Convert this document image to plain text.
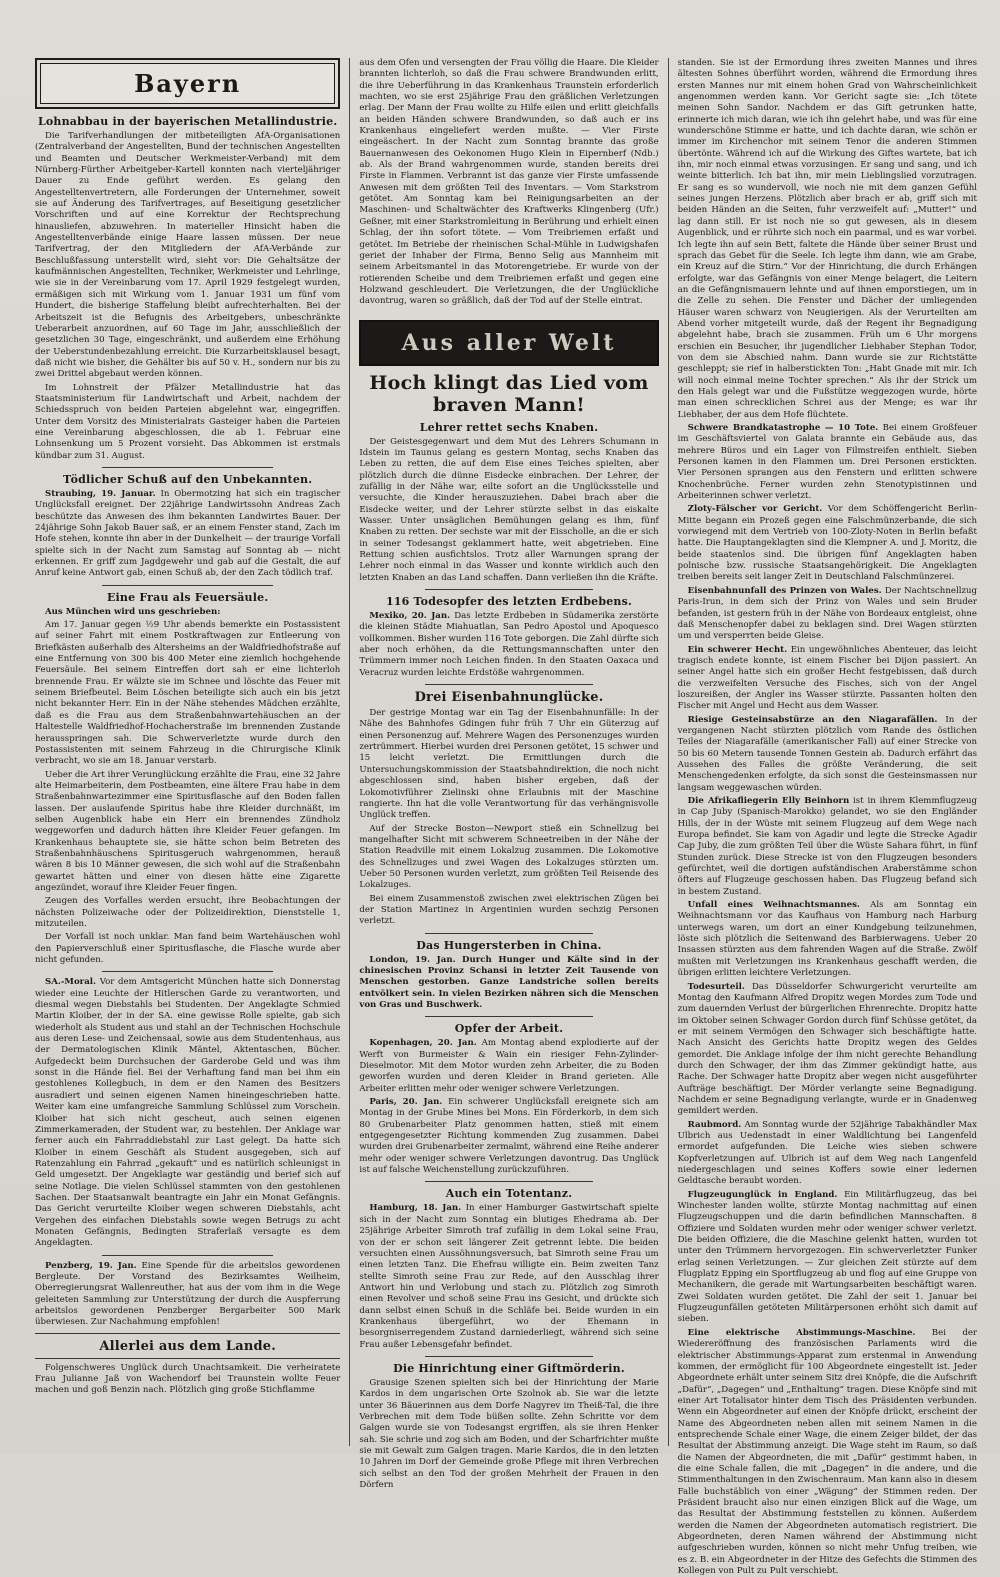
Bayern
Lohnabbau in der bayerischen Metallindustrie.

Die Tarifverhandlungen der mitbeteiligten AfA-Organisationen (Zentralverband der Angestellten, Bund der technischen Angestellten und Beamten und Deutscher Werkmeister-Verband) mit dem Nürnberg-Fürther Arbeitgeber-Kartell konnten nach vierteljähriger Dauer zu Ende geführt werden. Es gelang den Angestelltenvertretern, alle Forderungen der Unternehmer, soweit sie auf Änderung des Tarifvertrages, auf Beseitigung gesetzlicher Vorschriften und auf eine Korrektur der Rechtsprechung hinausliefen, abzuwehren. In materieller Hinsicht haben die Angestelltenverbände einige Haare lassen müssen. Der neue Tarifvertrag, der den Mitgliedern der AfA-Verbände zur Beschlußfassung unterstellt wird, sieht vor: Die Gehaltsätze der kaufmännischen Angestellten, Techniker, Werkmeister und Lehrlinge, wie sie in der Vereinbarung vom 17. April 1929 festgelegt wurden, ermäßigen sich mit Wirkung vom 1. Januar 1931 um fünf vom Hundert, die bisherige Staffelung bleibt aufrechterhalten. Bei der Arbeitszeit ist die Befugnis des Arbeitgebers, unbeschränkte Ueberarbeit anzuordnen, auf 60 Tage im Jahr, ausschließlich der gesetzlichen 30 Tage, eingeschränkt, und außerdem eine Erhöhung der Ueberstundenbezahlung erreicht. Die Kurzarbeitsklausel besagt, daß nicht wie bisher, die Gehälter bis auf 50 v. H., sondern nur bis zu zwei Drittel abgebaut werden können.

Im Lohnstreit der Pfälzer Metallindustrie hat das Staatsministerium für Landwirtschaft und Arbeit, nachdem der Schiedsspruch von beiden Parteien abgelehnt war, eingegriffen. Unter dem Vorsitz des Ministerialrats Gasteiger haben die Parteien eine Vereinbarung abgeschlossen, die ab 1. Februar eine Lohnsenkung um 5 Prozent vorsieht. Das Abkommen ist erstmals kündbar zum 31. August.

Tödlicher Schuß auf den Unbekannten.

Straubing, 19. Januar. In Obermotzing hat sich ein tragischer Unglücksfall ereignet. Der 22jährige Landwirtssohn Andreas Zach beschützte das Anwesen des ihm bekannten Landwirtes Bauer. Der 24jährige Sohn Jakob Bauer saß, er an einem Fenster stand, Zach im Hofe stehen, konnte ihn aber in der Dunkelheit — der traurige Vorfall spielte sich in der Nacht zum Samstag auf Sonntag ab — nicht erkennen. Er griff zum Jagdgewehr und gab auf die Gestalt, die auf Anruf keine Antwort gab, einen Schuß ab, der den Zach tödlich traf.

Eine Frau als Feuersäule.

Aus München wird uns geschrieben:

Am 17. Januar gegen ½9 Uhr abends bemerkte ein Postassistent auf seiner Fahrt mit einem Postkraftwagen zur Entleerung von Briefkästen außerhalb des Altersheims an der Waldfriedhofstraße auf eine Entfernung von 300 bis 400 Meter eine ziemlich hochgehende Feuersäule. Bei seinem Eintreffen dort sah er eine lichterloh brennende Frau. Er wälzte sie im Schnee und löschte das Feuer mit seinem Briefbeutel. Beim Löschen beteiligte sich auch ein bis jetzt nicht bekannter Herr. Ein in der Nähe stehendes Mädchen erzählte, daß es die Frau aus dem Straßenbahnwartehäuschen an der Haltestelle Waldfriedhof-Hochacherstraße im brennenden Zustande herausspringen sah. Die Schwerverletzte wurde durch den Postassistenten mit seinem Fahrzeug in die Chirurgische Klinik verbracht, wo sie am 18. Januar verstarb.

Ueber die Art ihrer Verunglückung erzählte die Frau, eine 32 Jahre alte Heimarbeiterin, dem Postbeamten, eine ältere Frau habe in dem Straßenbahnwartezimmer eine Spiritusflasche auf den Boden fallen lassen. Der auslaufende Spiritus habe ihre Kleider durchnäßt, im selben Augenblick habe ein Herr ein brennendes Zündholz weggeworfen und dadurch hätten ihre Kleider Feuer gefangen. Im Krankenhaus behauptete sie, sie hätte schon beim Betreten des Straßenbahnhäuschens Spiritusgeruch wahrgenommen, herauß wären 8 bis 10 Männer gewesen, die sich wohl auf die Straßenbahn gewartet hätten und einer von diesen hätte eine Zigarette angezündet, worauf ihre Kleider Feuer fingen.

Zeugen des Vorfalles werden ersucht, ihre Beobachtungen der nächsten Polizeiwache oder der Polizeidirektion, Dienststelle 1, mitzuteilen.

Der Vorfall ist noch unklar. Man fand beim Wartehäuschen wohl den Papierverschluß einer Spiritusflasche, die Flasche wurde aber nicht gefunden.

SA.-Moral. Vor dem Amtsgericht München hatte sich Donnerstag wieder eine Leuchte der Hitlerschen Garde zu verantworten, und diesmal wegen Diebstahls bei Studenten. Der Angeklagte Schmied Martin Kloiber, der in der SA. eine gewisse Rolle spielte, gab sich wiederholt als Student aus und stahl an der Technischen Hochschule aus deren Lese- und Zeichensaal, sowie aus dem Studentenhaus, aus der Dermatologischen Klinik Mäntel, Aktentaschen, Bücher. Aufgedeckt beim Durchsuchen der Garderobe Geld und was ihm sonst in die Hände fiel. Bei der Verhaftung fand man bei ihm ein gestohlenes Kollegbuch, in dem er den Namen des Besitzers ausradiert und seinen eigenen Namen hineingeschrieben hatte. Weiter kam eine umfangreiche Sammlung Schlüssel zum Vorschein. Kloiber hat sich nicht gescheut, auch seinen eigenen Zimmerkameraden, der Student war, zu bestehlen. Der Anklage war ferner auch ein Fahrraddiebstahl zur Last gelegt. Da hatte sich Kloiber in einem Geschäft als Student ausgegeben, sich auf Ratenzahlung ein Fahrrad „gekauft“ und es natürlich schleunigst in Geld umgesetzt. Der Angeklagte war geständig und berief sich auf seine Notlage. Die vielen Schlüssel stammten von den gestohlenen Sachen. Der Staatsanwalt beantragte ein Jahr ein Monat Gefängnis. Das Gericht verurteilte Kloiber wegen schweren Diebstahls, acht Vergehen des einfachen Diebstahls sowie wegen Betrugs zu acht Monaten Gefängnis, Bedingten Straferlaß versagte es dem Angeklagten.

Penzberg, 19. Jan. Eine Spende für die arbeitslos gewordenen Bergleute. Der Vorstand des Bezirksamtes Weilheim, Oberregierungsrat Wallenreuther, hat aus der vom ihm in die Wege geleiteten Sammlung zur Unterstützung der durch die Auspferrung arbeitslos gewordenen Penzberger Bergarbeiter 500 Mark überwiesen. Zur Nachahmung empfohlen!

Allerlei aus dem Lande.

Folgenschweres Unglück durch Unachtsamkeit. Die verheiratete Frau Julianne Jaß von Wachendorf bei Traunstein wollte Feuer machen und goß Benzin nach. Plötzlich ging große Stichflamme

aus dem Ofen und versengten der Frau völlig die Haare. Die Kleider brannten lichterloh, so daß die Frau schwere Brandwunden erlitt, die ihre Ueberführung in das Krankenhaus Traunstein erforderlich machten, wo sie erst 25jährige Frau den gräßlichen Verletzungen erlag. Der Mann der Frau wollte zu Hilfe eilen und erlitt gleichfalls an beiden Händen schwere Brandwunden, so daß auch er ins Krankenhaus eingeliefert werden mußte. — Vier Firste eingeäschert. In der Nacht zum Sonntag brannte das große Bauernanwesen des Oekonomen Hugo Klein in Eipernberf (Ndb.) ab. Als der Brand wahrgenommen wurde, standen bereits drei Firste in Flammen. Verbrannt ist das ganze vier Firste umfassende Anwesen mit dem größten Teil des Inventars. — Vom Starkstrom getötet. Am Sonntag kam bei Reinigungsarbeiten an der Maschinen- und Schaltwächter des Kraftwerks Klingenberg (Ufr.) Geßner, mit einer Starkstromleitung in Berührung und erhielt einen Schlag, der ihn sofort tötete. — Vom Treibriemen erfaßt und getötet. Im Betriebe der rheinischen Schal-Mühle in Ludwigshafen geriet der Inhaber der Firma, Benno Selig aus Mannheim mit seinem Arbeitsmantel in das Motorengetriebe. Er wurde von der rotierenden Scheibe und dem Treibriemen erfaßt und gegen eine Holzwand geschleudert. Die Verletzungen, die der Unglückliche davontrug, waren so gräßlich, daß der Tod auf der Stelle eintrat.

Aus aller Welt
Hoch klingt das Lied vom braven Mann!
Lehrer rettet sechs Knaben.

Der Geistesgegenwart und dem Mut des Lehrers Schumann in Idstein im Taunus gelang es gestern Montag, sechs Knaben das Leben zu retten, die auf dem Eise eines Teiches spielten, aber plötzlich durch die dünne Eisdecke einbrachen. Der Lehrer, der zufällig in der Nähe war, eilte sofort an die Unglücksstelle und versuchte, die Kinder herauszuziehen. Dabei brach aber die Eisdecke weiter, und der Lehrer stürzte selbst in das eiskalte Wasser. Unter unsäglichen Bemühungen gelang es ihm, fünf Knaben zu retten. Der sechste war mit der Eisscholle, an die er sich in seiner Todesangst geklammert hatte, weit abgetrieben. Eine Rettung schien ausfichtslos. Trotz aller Warnungen sprang der Lehrer noch einmal in das Wasser und konnte wirklich auch den letzten Knaben an das Land schaffen. Dann verließen ihn die Kräfte.

116 Todesopfer des letzten Erdbebens.

Mexiko, 20. Jan. Das letzte Erdbeben in Südamerika zerstörte die kleinen Städte Miahuatlan, San Pedro Apostol und Apoquesco vollkommen. Bisher wurden 116 Tote geborgen. Die Zahl dürfte sich aber noch erhöhen, da die Rettungsmannschaften unter den Trümmern immer noch Leichen finden. In den Staaten Oaxaca und Veracruz wurden leichte Erdstöße wahrgenommen.

Drei Eisenbahnunglücke.

Der gestrige Montag war ein Tag der Eisenbahnunfälle: In der Nähe des Bahnhofes Gdingen fuhr früh 7 Uhr ein Güterzug auf einen Personenzug auf. Mehrere Wagen des Personenzuges wurden zertrümmert. Hierbei wurden drei Personen getötet, 15 schwer und 15 leicht verletzt. Die Ermittlungen durch die Untersuchungskommission der Staatsbahndirektion, die noch nicht abgeschlossen sind, haben bisher ergeben, daß der Lokomotivführer Zielinski ohne Erlaubnis mit der Maschine rangierte. Ihn hat die volle Verantwortung für das verhängnisvolle Unglück treffen.

Auf der Strecke Boston—Newport stieß ein Schnellzug bei mangelhafter Sicht mit schwerem Schneetreiben in der Nähe der Station Readville mit einem Lokalzug zusammen. Die Lokomotive des Schnellzuges und zwei Wagen des Lokalzuges stürzten um. Ueber 50 Personen wurden verletzt, zum größten Teil Reisende des Lokalzuges.

Bei einem Zusammenstoß zwischen zwei elektrischen Zügen bei der Station Martinez in Argentinien wurden sechzig Personen verletzt.

Das Hungersterben in China.

London, 19. Jan. Durch Hunger und Kälte sind in der chinesischen Provinz Schansi in letzter Zeit Tausende von Menschen gestorben. Ganze Landstriche sollen bereits entvölkert sein. In vielen Bezirken nähren sich die Menschen von Gras und Buschwerk.

Opfer der Arbeit.

Kopenhagen, 20. Jan. Am Montag abend explodierte auf der Werft von Burmeister & Wain ein riesiger Fehn-Zylinder-Dieselmotor. Mit dem Motor wurden zehn Arbeiter, die zu Boden geworfen wurden und deren Kleider in Brand gerieten. Alle Arbeiter erlitten mehr oder weniger schwere Verletzungen.

Paris, 20. Jan. Ein schwerer Unglücksfall ereignete sich am Montag in der Grube Mines bei Mons. Ein Förderkorb, in dem sich 80 Grubenarbeiter Platz genommen hatten, stieß mit einem entgegengesetzter Richtung kommenden Zug zusammen. Dabei wurden drei Grubenarbeiter zermalmt, während eine Reihe anderer mehr oder weniger schwere Verletzungen davontrug. Das Unglück ist auf falsche Weichenstellung zurückzuführen.

Auch ein Totentanz.

Hamburg, 18. Jan. In einer Hamburger Gastwirtschaft spielte sich in der Nacht zum Sonntag ein blutiges Ehedrama ab. Der 25jährige Arbeiter Simroth traf zufällig in dem Lokal seine Frau, von der er schon seit längerer Zeit getrennt lebte. Die beiden versuchten einen Aussöhnungsversuch, bat Simroth seine Frau um einen letzten Tanz. Die Ehefrau willigte ein. Beim zweiten Tanz stellte Simroth seine Frau zur Rede, auf den Ausschlag ihrer Antwort hin und Verlobung und stach zu. Plötzlich zog Simroth einen Revolver und schoß seine Frau ins Gesicht, und drückte sich dann selbst einen Schuß in die Schläfe bei. Beide wurden in ein Krankenhaus übergeführt, wo der Ehemann in besorgniserregendem Zustand darniederliegt, während sich seine Frau außer Lebensgefahr befindet.

Die Hinrichtung einer Giftmörderin.

Grausige Szenen spielten sich bei der Hinrichtung der Marie Kardos in dem ungarischen Orte Szolnok ab. Sie war die letzte unter 36 Bäuerinnen aus dem Dorfe Nagyrev im Theiß-Tal, die ihre Verbrechen mit dem Tode büßen sollte. Zehn Schritte vor dem Galgen wurde sie von Todesangst ergriffen, als sie ihren Henker sah. Sie schrie und zog sich am Boden, und der Scharfrichter mußte sie mit Gewalt zum Galgen tragen. Marie Kardos, die in den letzten 10 Jahren im Dorf der Gemeinde große Pflege mit ihren Verbrechen sich selbst an den Tod der großen Mehrheit der Frauen in den Dörfern

standen. Sie ist der Ermordung ihres zweiten Mannes und ihres ältesten Sohnes überführt worden, während die Ermordung ihres ersten Mannes nur mit einem hohen Grad von Wahrscheinlichkeit angenommen werden kann. Vor Gericht sagte sie: „Ich tötete meinen Sohn Sandor. Nachdem er das Gift getrunken hatte, erinnerte ich mich daran, wie ich ihn gelehrt habe, und was für eine wunderschöne Stimme er hatte, und ich dachte daran, wie schön er immer im Kirchenchor mit seinem Tenor die anderen Stimmen übertönte. Während ich auf die Wirkung des Giftes wartete, bat ich ihn, mir noch einmal etwas vorzusingen. Er sang und sang, und ich weinte bitterlich. Ich bat ihn, mir mein Lieblingslied vorzutragen. Er sang es so wundervoll, wie noch nie mit dem ganzen Gefühl seines jungen Herzens. Plötzlich aber brach er ab, griff sich mit beiden Händen an die Seiten, fuhr verzweifelt auf: „Mutter!“ und lag dann still. Er ist noch nie so gut gewesen, als in diesem Augenblick, und er rührte sich noch ein paarmal, und es war vorbei. Ich legte ihn auf sein Bett, faltete die Hände über seiner Brust und sprach das Gebet für die Seele. Ich legte ihm dann, wie am Grabe, ein Kreuz auf die Stirn.“ Vor der Hinrichtung, die durch Erhängen erfolgte, war das Gefängnis von einer Menge belagert, die Leitern an die Gefängnismauern lehnte und auf ihnen emporstiegen, um in die Zelle zu sehen. Die Fenster und Dächer der umliegenden Häuser waren schwarz von Neugierigen. Als der Verurteilten am Abend vorher mitgeteilt wurde, daß der Regent ihr Begnadigung abgelehnt habe, brach sie zusammen. Früh um 6 Uhr morgens erschien ein Besucher, ihr jugendlicher Liebhaber Stephan Todor, von dem sie Abschied nahm. Dann wurde sie zur Richtstätte geschleppt; sie rief in halberstickten Ton: „Habt Gnade mit mir. Ich will noch einmal meine Tochter sprechen.“ Als ihr der Strick um den Hals gelegt war und die Fußstütze weggezogen wurde, hörte man einen schrecklichen Schrei aus der Menge; es war ihr Liebhaber, der aus dem Hofe flüchtete.

Schwere Brandkatastrophe — 10 Tote. Bei einem Großfeuer im Geschäftsviertel von Galata brannte ein Gebäude aus, das mehrere Büros und ein Lager von Filmstreifen enthielt. Sieben Personen kamen in den Flammen um. Drei Personen erstickten. Vier Personen sprangen aus den Fenstern und erlitten schwere Knochenbrüche. Ferner wurden zehn Stenotypistinnen und Arbeiterinnen schwer verletzt.

Zloty-Fälscher vor Gericht. Vor dem Schöffengericht Berlin-Mitte begann ein Prozeß gegen eine Falschmünzerbande, die sich vorwiegend mit dem Vertrieb von 100-Zloty-Noten in Berlin befaßt hatte. Die Hauptangeklagten sind die Klempner A. und J. Moritz, die beide staatenlos sind. Die übrigen fünf Angeklagten haben polnische bzw. russische Staatsangehörigkeit. Die Angeklagten treiben bereits seit langer Zeit in Deutschland Falschmünzerei.

Eisenbahnunfall des Prinzen von Wales. Der Nachtschnellzug Paris-Irun, in dem sich der Prinz von Wales und sein Bruder befanden, ist gestern früh in der Nähe von Bordeaux entgleist, ohne daß Menschenopfer dabei zu beklagen sind. Drei Wagen stürzten um und versperrten beide Gleise.

Ein schwerer Hecht. Ein ungewöhnliches Abenteuer, das leicht tragisch endete konnte, ist einem Fischer bei Dijon passiert. An seiner Angel hatte sich ein großer Hecht festgebissen, daß durch die verzweifelten Versuche des Fisches, sich von der Angel loszureißen, der Angler ins Wasser stürzte. Passanten holten den Fischer mit Angel und Hecht aus dem Wasser.

Riesige Gesteinsabstürze an den Niagarafällen. In der vergangenen Nacht stürzten plötzlich vom Rande des östlichen Teiles der Niagarafälle (amerikanischer Fall) auf einer Strecke von 50 bis 60 Metern tausende Tonnen Gestein ab. Dadurch erfährt das Aussehen des Falles die größte Veränderung, die seit Menschengedenken erfolgte, da sich sonst die Gesteinsmassen nur langsam weggewaschen würden.

Die Afrikafliegerin Elly Beinhorn ist in ihrem Klemmflugzeug in Cap Juby (Spanisch-Marokko) gelandet, wo sie den Engländer Hills, der in der Wüste mit seinem Flugzeug auf dem Wege nach Europa befindet. Sie kam von Agadir und legte die Strecke Agadir Cap Juby, die zum größten Teil über die Wüste Sahara führt, in fünf Stunden zurück. Diese Strecke ist von den Flugzeugen besonders gefürchtet, weil die dortigen aufständischen Araberstämme schon öfters auf Flugzeuge geschossen haben. Das Flugzeug befand sich in bestem Zustand.

Unfall eines Weihnachtsmannes. Als am Sonntag ein Weihnachtsmann vor das Kaufhaus von Hamburg nach Harburg unterwegs waren, um dort an einer Kundgebung teilzunehmen, löste sich plötzlich die Seitenwand des Barbierwagens. Ueber 20 Insassen stürzten aus dem fahrenden Wagen auf die Straße. Zwölf mußten mit Verletzungen ins Krankenhaus geschafft werden, die übrigen erlitten leichtere Verletzungen.

Todesurteil. Das Düsseldorfer Schwurgericht verurteilte am Montag den Kaufmann Alfred Dropitz wegen Mordes zum Tode und zum dauernden Verlust der bürgerlichen Ehrenrechte. Dropitz hatte im Oktober seinen Schwager Gordon durch fünf Schüsse getötet, da er mit seinem Vermögen den Schwager sich beschäftigte hatte. Nach Ansicht des Gerichts hatte Dropitz wegen des Geldes gemordet. Die Anklage infolge der ihm nicht gerechte Behandlung durch den Schwager, der ihm das Zimmer gekündigt hatte, aus Rache. Der Schwager hatte Dropitz aber wegen nicht ausgeführter Aufträge beschäftigt. Der Mörder verlangte seine Begnadigung. Nachdem er seine Begnadigung verlangte, wurde er in Gnadenweg gemildert werden.

Raubmord. Am Sonntag wurde der 52jährige Tabakhändler Max Ulbrich aus Uedenstadt in einer Waldlichtung bei Langenfeld ermordet aufgefunden. Die Leiche wies sieben schwere Kopfverletzungen auf. Ulbrich ist auf dem Weg nach Langenfeld niedergeschlagen und seines Koffers sowie einer ledernen Geldtasche beraubt worden.

Flugzeugunglück in England. Ein Militärflugzeug, das bei Winchester landen wollte, stürzte Montag nachmittag auf einen Flugzeugschuppen und die darin befindlichen Mannschaften. 8 Offiziere und Soldaten wurden mehr oder weniger schwer verletzt. Die beiden Offiziere, die die Maschine gelenkt hatten, wurden tot unter den Trümmern hervorgezogen. Ein schwerverletzter Funker erlag seinen Verletzungen. — Zur gleichen Zeit stürzte auf dem Flugplatz Epping ein Sportflugzeug ab und flog auf eine Gruppe von Mechanikern, die gerade mit Wartungsarbeiten beschäftigt waren. Zwei Soldaten wurden getötet. Die Zahl der seit 1. Januar bei Flugzeugunfällen getöteten Militärpersonen erhöht sich damit auf sieben.

Eine elektrische Abstimmungs-Maschine. Bei der Wiedereröffnung des französischen Parlaments wird die elektrischer Abstimmungs-Apparat zum erstenmal in Anwendung kommen, der ermöglicht für 100 Abgeordnete eingestellt ist. Jeder Abgeordnete erhält unter seinem Sitz drei Knöpfe, die die Aufschrift „Dafür“, „Dagegen“ und „Enthaltung“ tragen. Diese Knöpfe sind mit einer Art Totalisator hinter dem Tisch des Präsidenten verbunden. Wenn ein Abgeordneter auf einen der Knöpfe drückt, erscheint der Name des Abgeordneten neben allen mit seinem Namen in die entsprechende Schale einer Wage, die einem Zeiger bildet, der das Resultat der Abstimmung anzeigt. Die Wage steht im Raum, so daß die Namen der Abgeordneten, die mit „Dafür“ gestimmt haben, in die eine Schale fallen, die mit „Dagegen“ in die andere, und die Stimmenthaltungen in den Zwischenraum. Man kann also in diesem Falle buchstäblich von einer „Wägung“ der Stimmen reden. Der Präsident braucht also nur einen einzigen Blick auf die Wage, um das Resultat der Abstimmung feststellen zu können. Außerdem werden die Namen der Abgeordneten automatisch registriert. Die Abgeordneten, deren Namen während der Abstimmung nicht aufgeschrieben wurden, können so nicht mehr Unfug treiben, wie es z. B. ein Abgeordneter in der Hitze des Gefechts die Stimmen des Kollegen von Pult zu Pult verschiebt.
